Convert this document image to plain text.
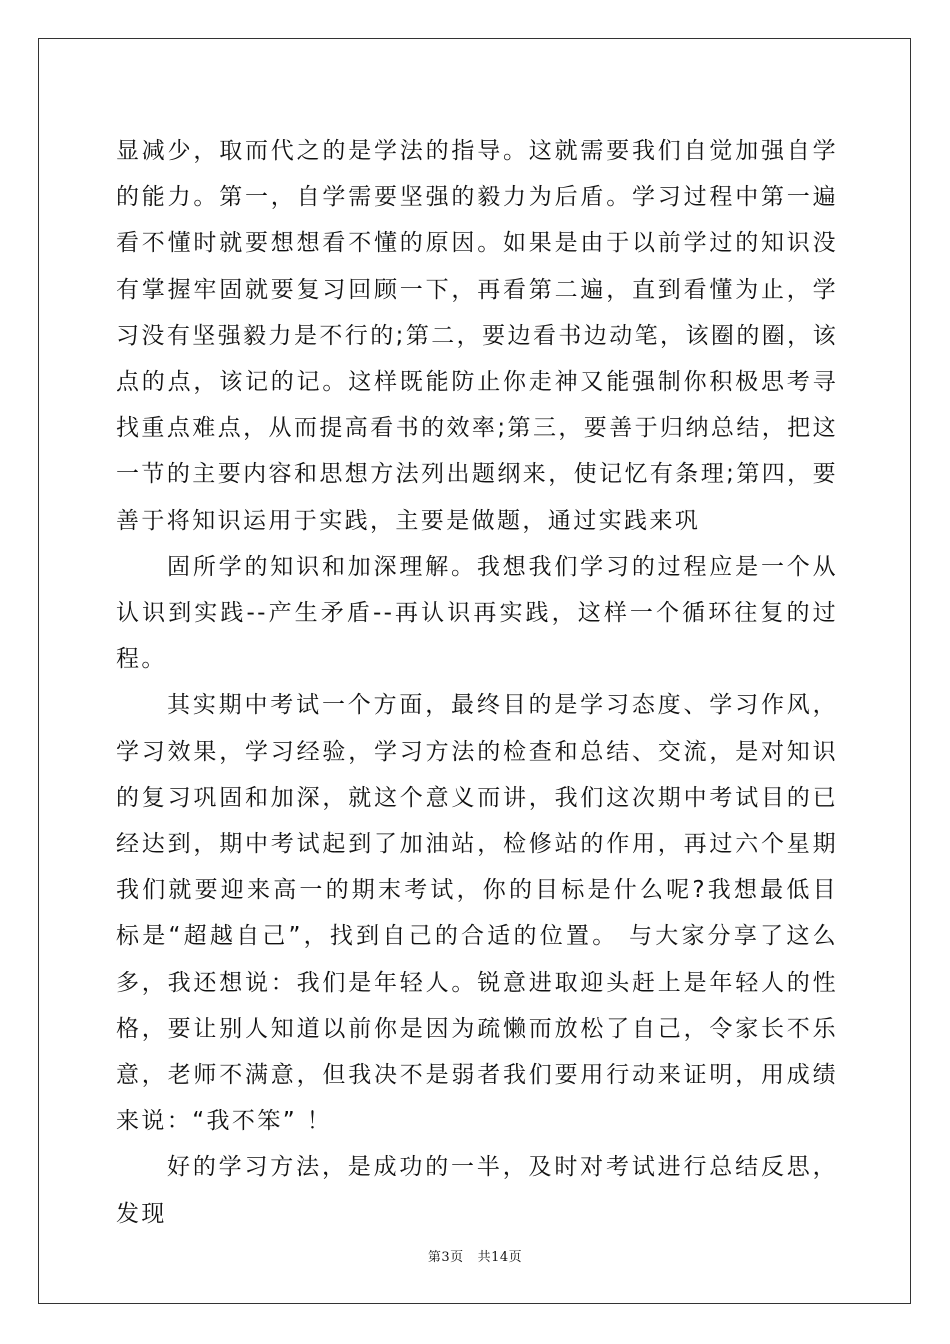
显减少，取而代之的是学法的指导。这就需要我们自觉加强自学的能力。第一，自学需要坚强的毅力为后盾。学习过程中第一遍看不懂时就要想想看不懂的原因。如果是由于以前学过的知识没有掌握牢固就要复习回顾一下，再看第二遍，直到看懂为止，学习没有坚强毅力是不行的;第二，要边看书边动笔，该圈的圈，该点的点，该记的记。这样既能防止你走神又能强制你积极思考寻找重点难点，从而提高看书的效率;第三，要善于归纳总结，把这一节的主要内容和思想方法列出题纲来，使记忆有条理;第四，要善于将知识运用于实践，主要是做题，通过实践来巩

固所学的知识和加深理解。我想我们学习的过程应是一个从认识到实践--产生矛盾--再认识再实践，这样一个循环往复的过程。

其实期中考试一个方面，最终目的是学习态度、学习作风，学习效果，学习经验，学习方法的检查和总结、交流，是对知识的复习巩固和加深，就这个意义而讲，我们这次期中考试目的已经达到，期中考试起到了加油站，检修站的作用，再过六个星期我们就要迎来高一的期末考试，你的目标是什么呢?我想最低目标是“超越自己”，找到自己的合适的位置。 与大家分享了这么多，我还想说：我们是年轻人。锐意进取迎头赶上是年轻人的性格，要让别人知道以前你是因为疏懒而放松了自己，令家长不乐意，老师不满意，但我决不是弱者我们要用行动来证明，用成绩来说：“我不笨” ！

好的学习方法，是成功的一半，及时对考试进行总结反思，发现

第3页 共14页
